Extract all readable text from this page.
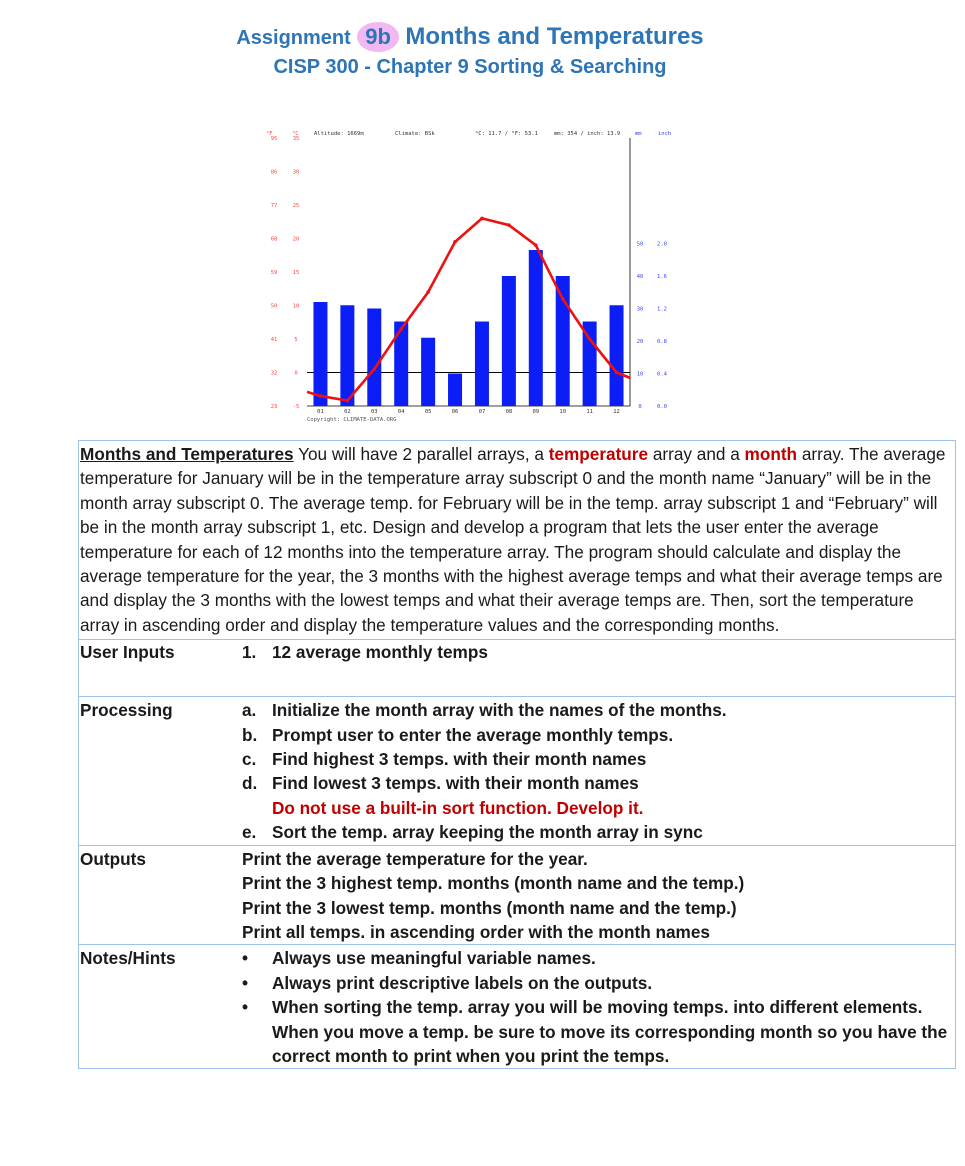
Assignment 9b Months and Temperatures
CISP 300 - Chapter 9 Sorting & Searching
°F	°C	Altitude: 1669m	Climate: BSk	°C: 11.7 / °F: 53.1	mm: 354 / inch: 13.9	mm	inch
95	35
86	30
77	25
68	20
59	15
50	10
41	5
32	0
23	-5
50 2.0
40 1.6
30 1.2
20 0.8
10 0.4
0	0.0
01	02	03	04	05	06	07	08	09	10	11	12
Copyright: CLIMATE-DATA.ORG
Months and Temperatures You will have 2 parallel arrays, a temperature array and a month array. The average temperature for January will be in the temperature array subscript 0 and the month name “January” will be in the month array subscript 0. The average temp. for February will be in the temp. array subscript 1 and “February” will be in the month array subscript 1, etc. Design and develop a program that lets the user enter the average temperature for each of 12 months into the temperature array. The program should calculate and display the average temperature for the year, the 3 months with the highest average temps and what their average temps are and display the 3 months with the lowest temps and what their average temps are. Then, sort the temperature array in ascending order and display the temperature values and the corresponding months.
User Inputs	1. 12 average monthly temps
Processing	a. Initialize the month array with the names of the months.
b. Prompt user to enter the average monthly temps.
c. Find highest 3 temps. with their month names
d. Find lowest 3 temps. with their month names
Do not use a built-in sort function. Develop it.
e. Sort the temp. array keeping the month array in sync
Outputs	Print the average temperature for the year.
Print the 3 highest temp. months (month name and the temp.)
Print the 3 lowest temp. months (month name and the temp.)
Print all temps. in ascending order with the month names
Notes/Hints	•	Always use meaningful variable names.
•	Always print descriptive labels on the outputs.
•	When sorting the temp. array you will be moving temps. into different elements. When you move a temp. be sure to move its corresponding month so you have the correct month to print when you print the temps.
